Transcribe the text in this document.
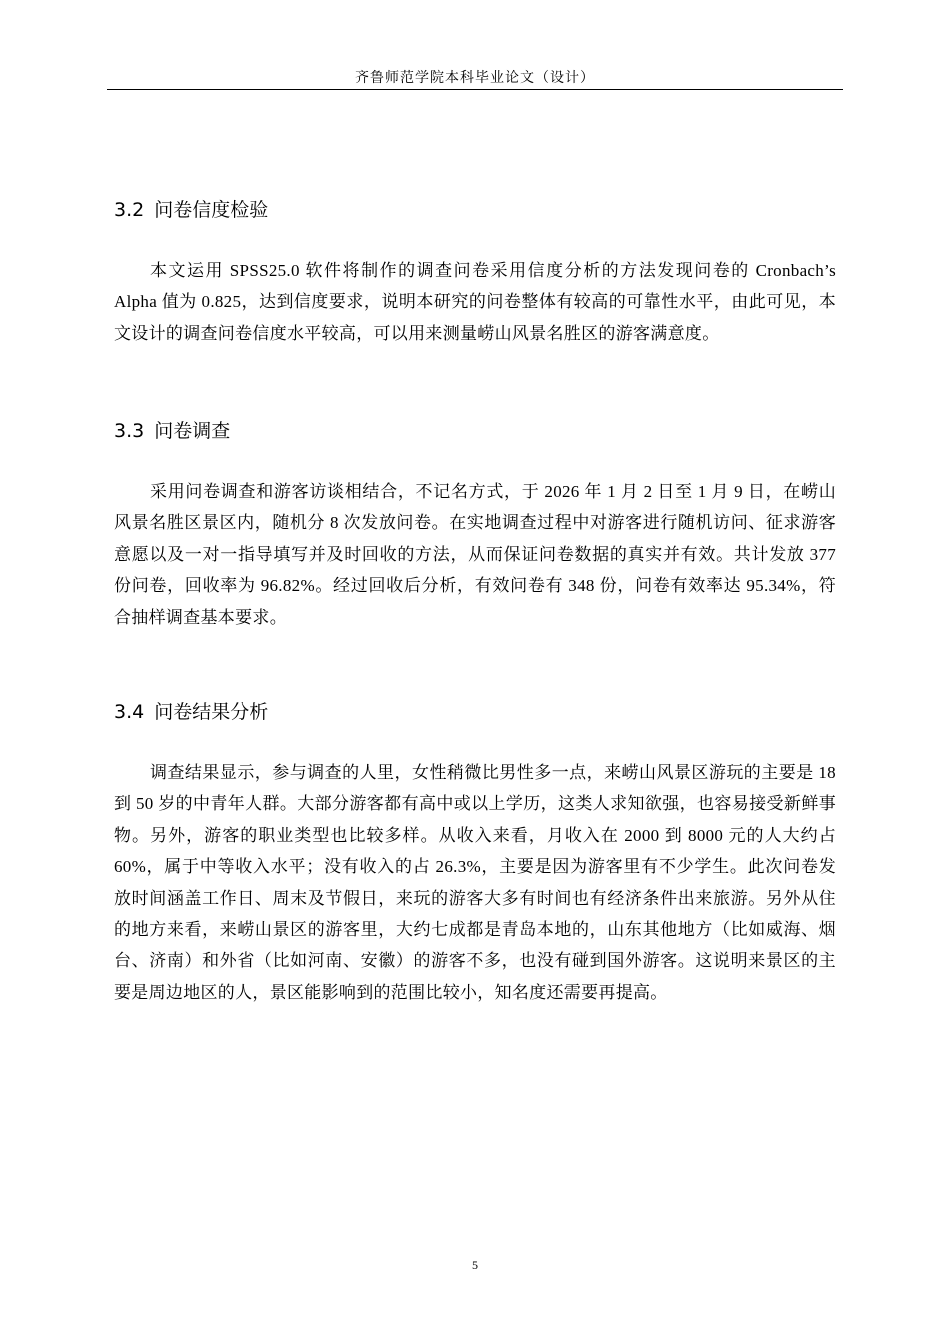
齐鲁师范学院本科毕业论文（设计）
3.2 问卷信度检验

本文运用 SPSS25.0 软件将制作的调查问卷采用信度分析的方法发现问卷的 Cronbach’s Alpha 值为 0.825，达到信度要求，说明本研究的问卷整体有较高的可靠性水平，由此可见，本文设计的调查问卷信度水平较高，可以用来测量崂山风景名胜区的游客满意度。

3.3 问卷调查

采用问卷调查和游客访谈相结合，不记名方式，于 2026 年 1 月 2 日至 1 月 9 日，在崂山风景名胜区景区内，随机分 8 次发放问卷。在实地调查过程中对游客进行随机访问、征求游客意愿以及一对一指导填写并及时回收的方法，从而保证问卷数据的真实并有效。共计发放 377 份问卷，回收率为 96.82%。经过回收后分析，有效问卷有 348 份，问卷有效率达 95.34%，符合抽样调查基本要求。

3.4 问卷结果分析

调查结果显示，参与调查的人里，女性稍微比男性多一点，来崂山风景区游玩的主要是 18 到 50 岁的中青年人群。大部分游客都有高中或以上学历，这类人求知欲强，也容易接受新鲜事物。另外，游客的职业类型也比较多样。从收入来看，月收入在 2000 到 8000 元的人大约占 60%，属于中等收入水平；没有收入的占 26.3%，主要是因为游客里有不少学生。此次问卷发放时间涵盖工作日、周末及节假日，来玩的游客大多有时间也有经济条件出来旅游。另外从住的地方来看，来崂山景区的游客里，大约七成都是青岛本地的，山东其他地方（比如威海、烟台、济南）和外省（比如河南、安徽）的游客不多，也没有碰到国外游客。这说明来景区的主要是周边地区的人，景区能影响到的范围比较小，知名度还需要再提高。

5
